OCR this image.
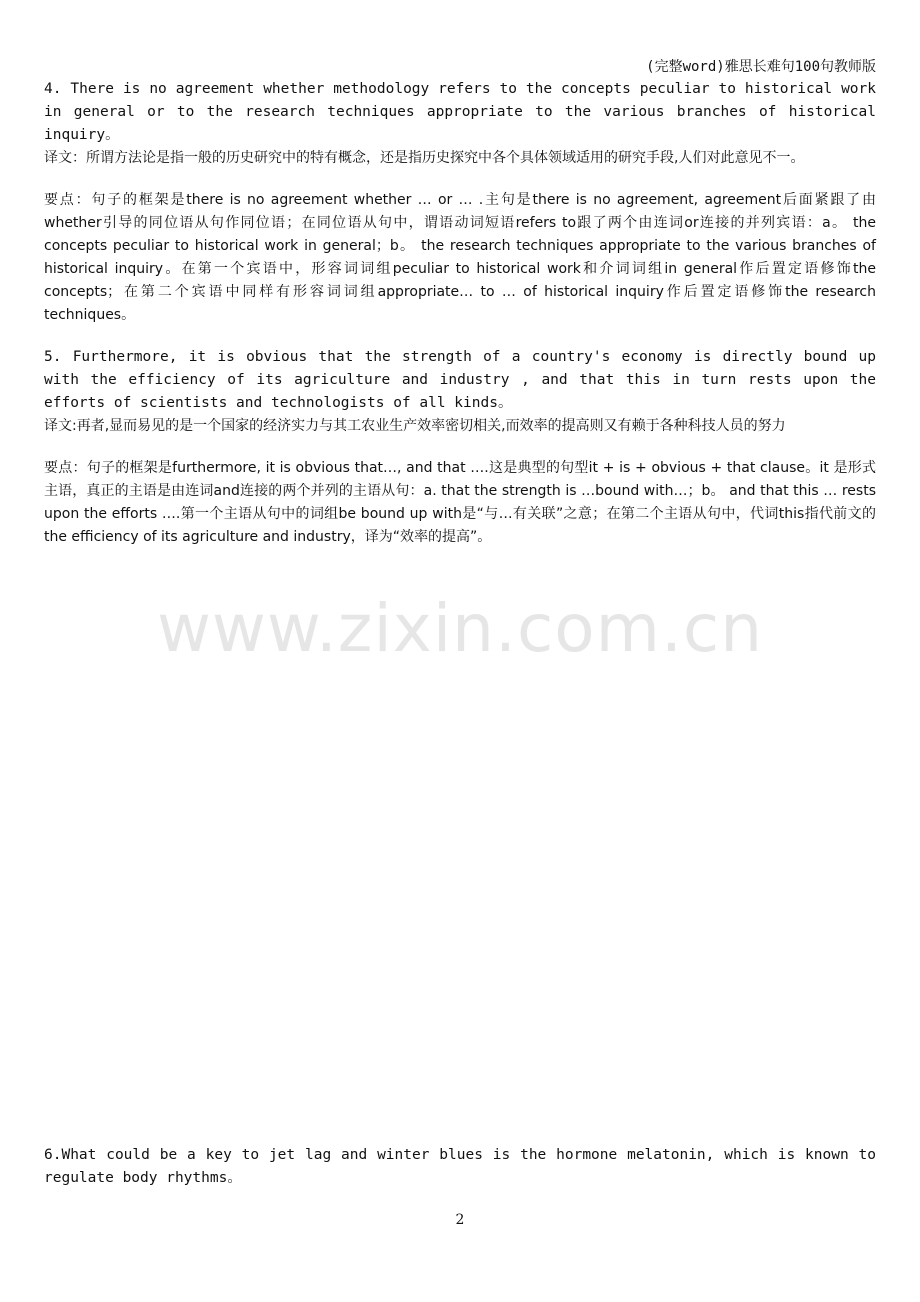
(完整word)雅思长难句100句教师版

4. There is no agreement whether methodology refers to the concepts peculiar to historical work in general or to the research techniques appropriate to the various branches of historical inquiry。

译文：所谓方法论是指一般的历史研究中的特有概念，还是指历史探究中各个具体领域适用的研究手段,人们对此意见不一。

要点：句子的框架是there is no agreement whether … or … .主句是there is no agreement, agreement后面紧跟了由whether引导的同位语从句作同位语；在同位语从句中，谓语动词短语refers to跟了两个由连词or连接的并列宾语：a。 the concepts peculiar to historical work in general；b。 the research techniques appropriate to the various branches of historical inquiry。在第一个宾语中，形容词词组peculiar to historical work和介词词组in general作后置定语修饰the concepts；在第二个宾语中同样有形容词词组appropriate… to … of historical inquiry作后置定语修饰the research techniques。

5. Furthermore, it is obvious that the strength of a country's economy is directly bound up with the efficiency of its agriculture and industry , and that this in turn rests upon the efforts of scientists and technologists of all kinds。

译文:再者,显而易见的是一个国家的经济实力与其工农业生产效率密切相关,而效率的提高则又有赖于各种科技人员的努力

要点：句子的框架是furthermore, it is obvious that…, and that ….这是典型的句型it + is + obvious + that clause。it 是形式主语，真正的主语是由连词and连接的两个并列的主语从句：a. that the strength is …bound with…；b。 and that this … rests upon the efforts ….第一个主语从句中的词组be bound up with是“与…有关联”之意；在第二个主语从句中，代词this指代前文的the efficiency of its agriculture and industry，译为“效率的提高”。

www.zixin.com.cn

6.What could be a key to jet lag and winter blues is the hormone melatonin, which is known to regulate body rhythms。

2
